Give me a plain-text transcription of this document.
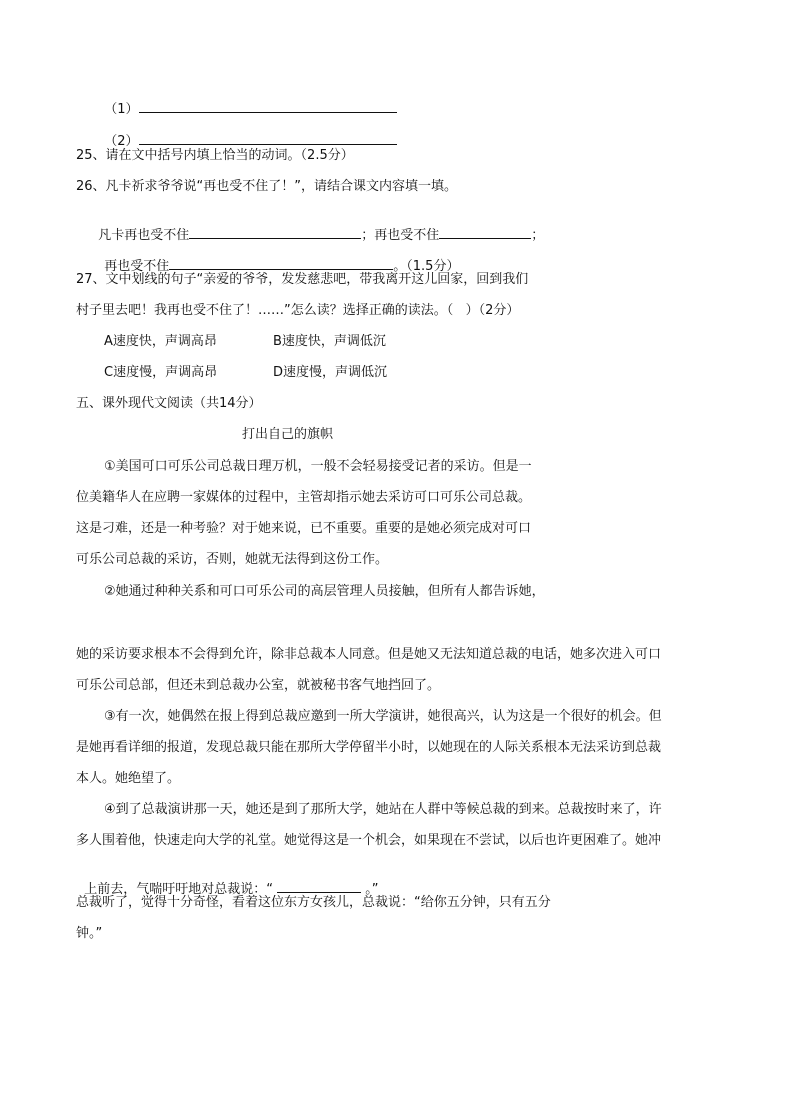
（1）

（2）

25、请在文中括号内填上恰当的动词。（2.5分）
26、凡卡祈求爷爷说“再也受不住了！”，请结合课文内容填一填。

凡卡再也受不住	；再也受不住	；

再也受不住	。（1.5分）

27、文中划线的句子“亲爱的爷爷，发发慈悲吧，带我离开这儿回家，回到我们
村子里去吧！我再也受不住了！……”怎么读？选择正确的读法。（   ）（2分）
A速度快，声调高昂	B速度快，声调低沉
C速度慢，声调高昂	D速度慢，声调低沉
五、课外现代文阅读（共14分）
打出自己的旗帜
①美国可口可乐公司总裁日理万机，一般不会轻易接受记者的采访。但是一
位美籍华人在应聘一家媒体的过程中，主管却指示她去采访可口可乐公司总裁。
这是刁难，还是一种考验？对于她来说，已不重要。重要的是她必须完成对可口
可乐公司总裁的采访，否则，她就无法得到这份工作。
②她通过种种关系和可口可乐公司的高层管理人员接触，但所有人都告诉她，
她的采访要求根本不会得到允许，除非总裁本人同意。但是她又无法知道总裁的电话，她多次进入可口
可乐公司总部，但还未到总裁办公室，就被秘书客气地挡回了。
③有一次，她偶然在报上得到总裁应邀到一所大学演讲，她很高兴，认为这是一个很好的机会。但
是她再看详细的报道，发现总裁只能在那所大学停留半小时，以她现在的人际关系根本无法采访到总裁
本人。她绝望了。
④到了总裁演讲那一天，她还是到了那所大学，她站在人群中等候总裁的到来。总裁按时来了，许
多人围着他，快速走向大学的礼堂。她觉得这是一个机会，如果现在不尝试，以后也许更困难了。她冲

上前去，气喘吁吁地对总裁说：“	。”

总裁听了，觉得十分奇怪，看着这位东方女孩儿，总裁说：“给你五分钟，只有五分
钟。”
